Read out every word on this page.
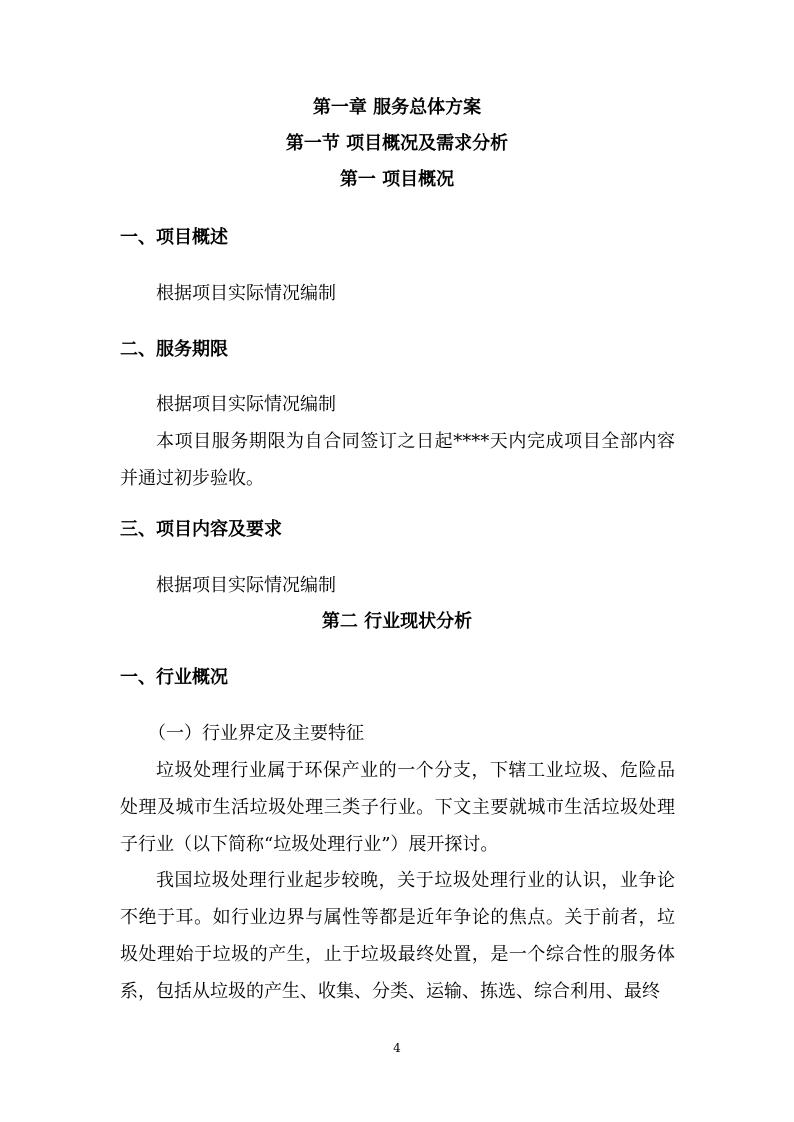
第一章 服务总体方案
第一节 项目概况及需求分析
第一 项目概况
一、项目概述
根据项目实际情况编制
二、服务期限
根据项目实际情况编制

本项目服务期限为自合同签订之日起****天内完成项目全部内容并通过初步验收。

三、项目内容及要求
根据项目实际情况编制
第二 行业现状分析
一、行业概况
（一）行业界定及主要特征

垃圾处理行业属于环保产业的一个分支，下辖工业垃圾、危险品处理及城市生活垃圾处理三类子行业。下文主要就城市生活垃圾处理子行业（以下简称“垃圾处理行业”）展开探讨。

我国垃圾处理行业起步较晚，关于垃圾处理行业的认识，业争论不绝于耳。如行业边界与属性等都是近年争论的焦点。关于前者，垃圾处理始于垃圾的产生，止于垃圾最终处置，是一个综合性的服务体系，包括从垃圾的产生、收集、分类、运输、拣选、综合利用、最终

4
